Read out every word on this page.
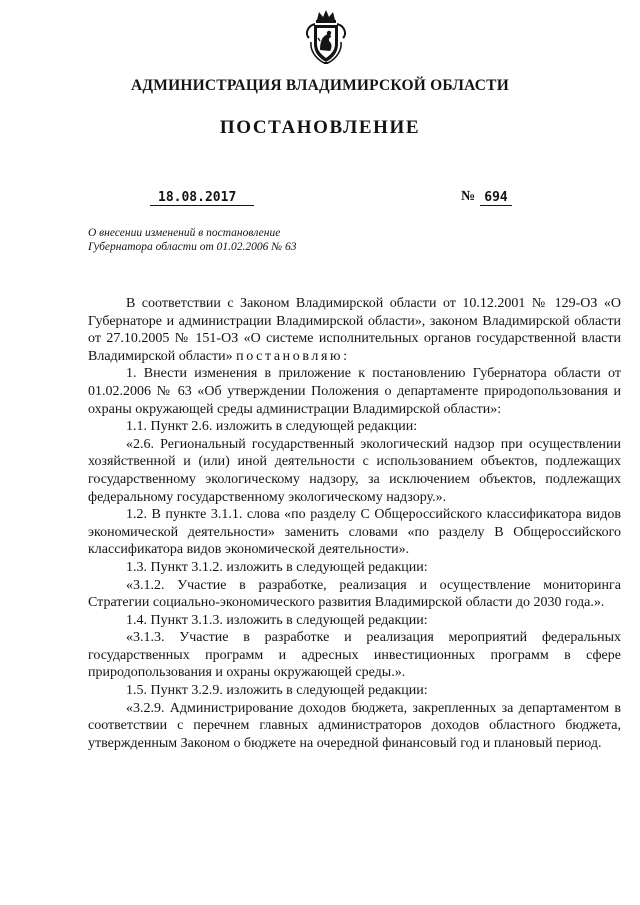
АДМИНИСТРАЦИЯ ВЛАДИМИРСКОЙ ОБЛАСТИ
ПОСТАНОВЛЕНИЕ
18.08.2017	№ 694
О внесении изменений в постановление
Губернатора области от 01.02.2006 № 63

В соответствии с Законом Владимирской области от 10.12.2001 № 129-ОЗ «О Губернаторе и администрации Владимирской области», законом Владимирской области от 27.10.2005 № 151-ОЗ «О системе исполнительных органов государственной власти Владимирской области» постановляю:

1. Внести изменения в приложение к постановлению Губернатора области от 01.02.2006 № 63 «Об утверждении Положения о департаменте природопользования и охраны окружающей среды администрации Владимирской области»:

1.1. Пункт 2.6. изложить в следующей редакции:

«2.6. Региональный государственный экологический надзор при осуществлении хозяйственной и (или) иной деятельности с использованием объектов, подлежащих государственному экологическому надзору, за исключением объектов, подлежащих федеральному государственному экологическому надзору.».

1.2. В пункте 3.1.1. слова «по разделу С Общероссийского классификатора видов экономической деятельности» заменить словами «по разделу В Общероссийского классификатора видов экономической деятельности».

1.3. Пункт 3.1.2. изложить в следующей редакции:

«3.1.2. Участие в разработке, реализация и осуществление мониторинга Стратегии социально-экономического развития Владимирской области до 2030 года.».

1.4. Пункт 3.1.3. изложить в следующей редакции:

«3.1.3. Участие в разработке и реализация мероприятий федеральных государственных программ и адресных инвестиционных программ в сфере природопользования и охраны окружающей среды.».

1.5. Пункт 3.2.9. изложить в следующей редакции:

«3.2.9. Администрирование доходов бюджета, закрепленных за департаментом в соответствии с перечнем главных администраторов доходов областного бюджета, утвержденным Законом о бюджете на очередной финансовый год и плановый период.
